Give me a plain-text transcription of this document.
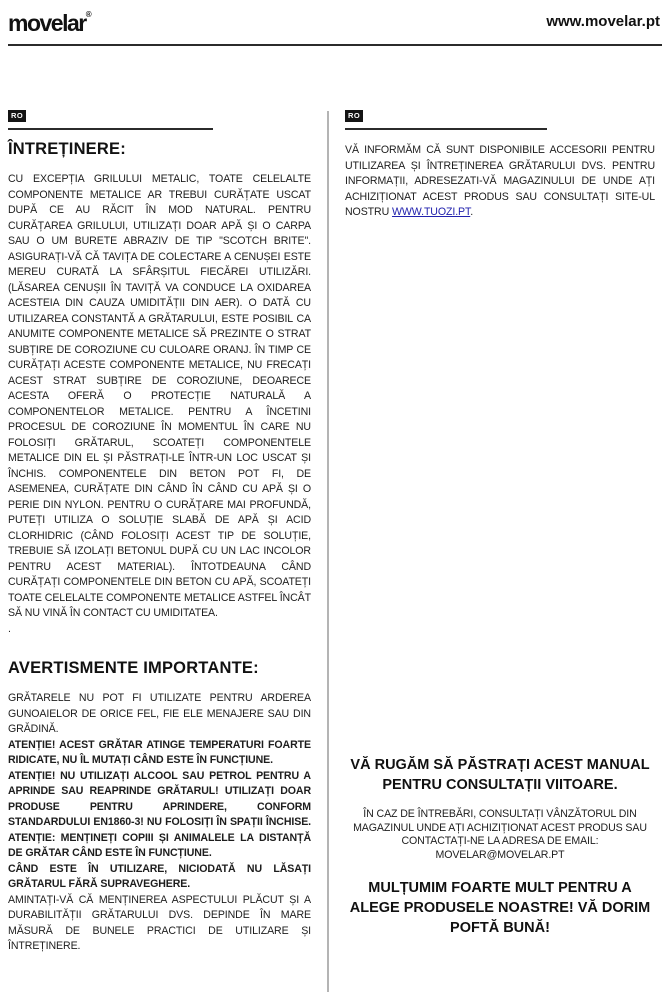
movelar®	www.movelar.pt
RO
ÎNTREȚINERE:

CU EXCEPȚIA GRILULUI METALIC, TOATE CELELALTE COMPONENTE METALICE AR TREBUI CURĂȚATE USCAT DUPĂ CE AU RĂCIT ÎN MOD NATURAL. PENTRU CURĂȚAREA GRILULUI, UTILIZAȚI DOAR APĂ ȘI O CARPA SAU O UM BURETE ABRAZIV DE TIP "SCOTCH BRITE". ASIGURAȚI-VĂ CĂ TAVIȚA DE COLECTARE A CENUȘEI ESTE MEREU CURATĂ LA SFÂRȘITUL FIECĂREI UTILIZĂRI. (LĂSAREA CENUȘII ÎN TAVIȚĂ VA CONDUCE LA OXIDAREA ACESTEIA DIN CAUZA UMIDITĂȚII DIN AER). O DATĂ CU UTILIZAREA CONSTANTĂ A GRĂTARULUI, ESTE POSIBIL CA ANUMITE COMPONENTE METALICE SĂ PREZINTE O STRAT SUBȚIRE DE COROZIUNE CU CULOARE ORANJ. ÎN TIMP CE CURĂȚAȚI ACESTE COMPONENTE METALICE, NU FRECAȚI ACEST STRAT SUBȚIRE DE COROZIUNE, DEOARECE ACESTA OFERĂ O PROTECȚIE NATURALĂ A COMPONENTELOR METALICE. PENTRU A ÎNCETINI PROCESUL DE COROZIUNE ÎN MOMENTUL ÎN CARE NU FOLOSIȚI GRĂTARUL, SCOATEȚI COMPONENTELE METALICE DIN EL ȘI PĂSTRAȚI-LE ÎNTR-UN LOC USCAT ȘI ÎNCHIS. COMPONENTELE DIN BETON POT FI, DE ASEMENEA, CURĂȚATE DIN CÂND ÎN CÂND CU APĂ ȘI O PERIE DIN NYLON. PENTRU O CURĂȚARE MAI PROFUNDĂ, PUTEȚI UTILIZA O SOLUȚIE SLABĂ DE APĂ ȘI ACID CLORHIDRIC (CÂND FOLOSIȚI ACEST TIP DE SOLUȚIE, TREBUIE SĂ IZOLAȚI BETONUL DUPĂ CU UN LAC INCOLOR PENTRU ACEST MATERIAL). ÎNTOTDEAUNA CÂND CURĂȚAȚI COMPONENTELE DIN BETON CU APĂ, SCOATEȚI TOATE CELELALTE COMPONENTE METALICE ASTFEL ÎNCÂT SĂ NU VINĂ ÎN CONTACT CU UMIDITATEA.

.

AVERTISMENTE IMPORTANTE:
GRĂTARELE NU POT FI UTILIZATE PENTRU ARDEREA GUNOAIELOR DE ORICE FEL, FIE ELE MENAJERE SAU DIN GRĂDINĂ.
ATENȚIE! ACEST GRĂTAR ATINGE TEMPERATURI FOARTE RIDICATE, NU ÎL MUTAȚI CÂND ESTE ÎN FUNCȚIUNE.
ATENȚIE! NU UTILIZAȚI ALCOOL SAU PETROL PENTRU A APRINDE SAU REAPRINDE GRĂTARUL! UTILIZAȚI DOAR PRODUSE PENTRU APRINDERE, CONFORM STANDARDULUI EN1860-3! NU FOLOSIȚI ÎN SPAȚII ÎNCHISE. ATENȚIE: MENȚINEȚI COPIII ȘI ANIMALELE LA DISTANȚĂ DE GRĂTAR CÂND ESTE ÎN FUNCȚIUNE.
CÂND ESTE ÎN UTILIZARE, NICIODATĂ NU LĂSAȚI GRĂTARUL FĂRĂ SUPRAVEGHERE.
AMINTAȚI-VĂ CĂ MENȚINEREA ASPECTULUI PLĂCUT ȘI A DURABILITĂȚII GRĂTARULUI DVS. DEPINDE ÎN MARE MĂSURĂ DE BUNELE PRACTICI DE UTILIZARE ȘI ÎNTREȚINERE.
RO

VĂ INFORMĂM CĂ SUNT DISPONIBILE ACCESORII PENTRU UTILIZAREA ȘI ÎNTREȚINEREA GRĂTARULUI DVS. PENTRU INFORMAȚII, ADRESEZATI-VĂ MAGAZINULUI DE UNDE AȚI ACHIZIȚIONAT ACEST PRODUS SAU CONSULTAȚI SITE-UL NOSTRU WWW.TUOZI.PT.

VĂ RUGĂM SĂ PĂSTRAȚI ACEST MANUAL PENTRU CONSULTAȚII VIITOARE.
ÎN CAZ DE ÎNTREBĂRI, CONSULTAȚI VÂNZĂTORUL DIN MAGAZINUL UNDE AȚI ACHIZIȚIONAT ACEST PRODUS SAU CONTACTAȚI-NE LA ADRESA DE EMAIL:
MOVELAR@MOVELAR.PT
MULȚUMIM FOARTE MULT PENTRU A ALEGE PRODUSELE NOASTRE! VĂ DORIM POFTĂ BUNĂ!
